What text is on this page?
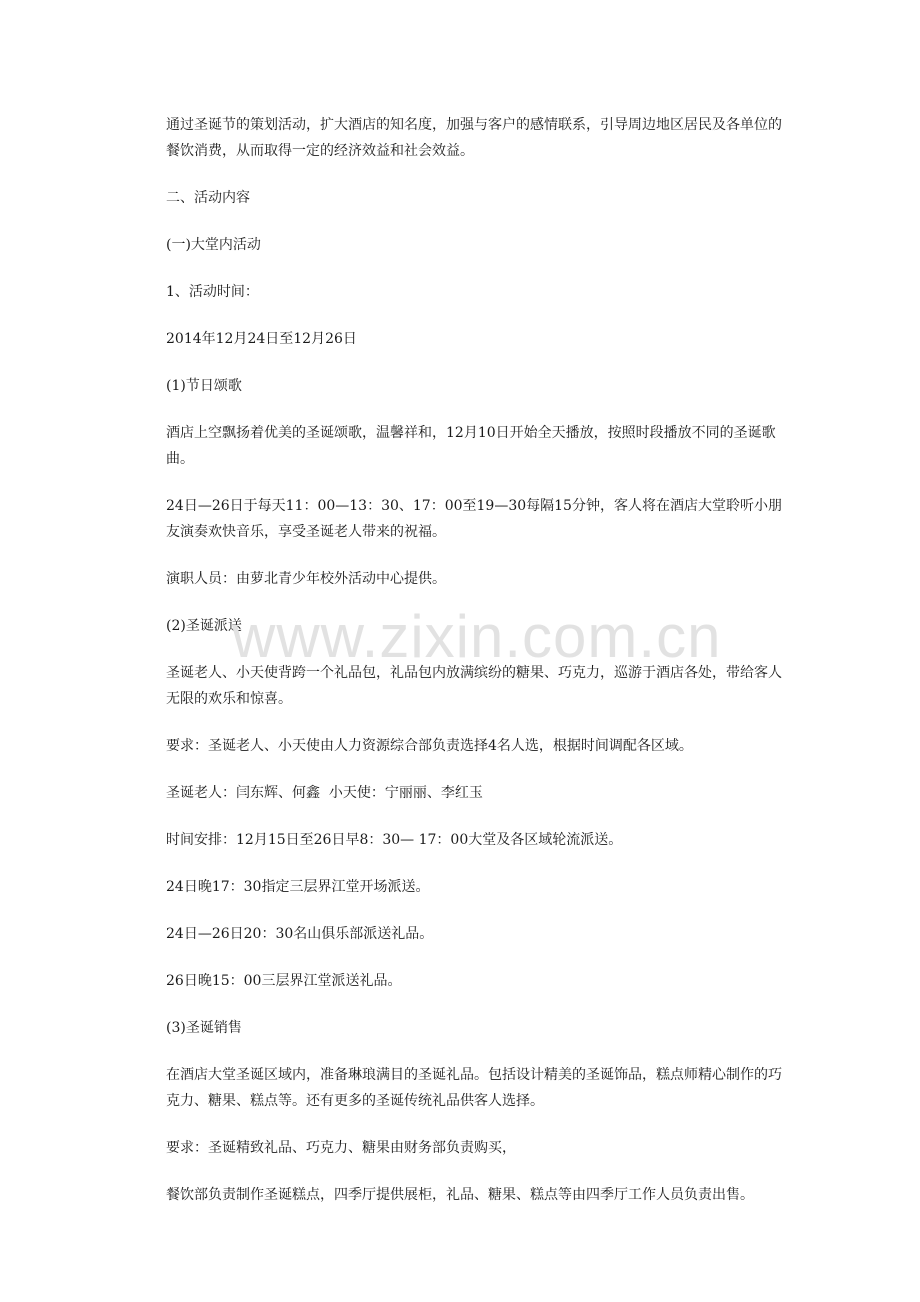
通过圣诞节的策划活动，扩大酒店的知名度，加强与客户的感情联系，引导周边地区居民及各单位的餐饮消费，从而取得一定的经济效益和社会效益。

二、活动内容

(一)大堂内活动

1、活动时间：

2014年12月24日至12月26日

(1)节日颂歌

酒店上空飘扬着优美的圣诞颂歌，温馨祥和，12月10日开始全天播放，按照时段播放不同的圣诞歌曲。

24日—26日于每天11：00—13：30、17：00至19—30每隔15分钟，客人将在酒店大堂聆听小朋友演奏欢快音乐，享受圣诞老人带来的祝福。

演职人员：由萝北青少年校外活动中心提供。

(2)圣诞派送

圣诞老人、小天使背跨一个礼品包，礼品包内放满缤纷的糖果、巧克力，巡游于酒店各处，带给客人无限的欢乐和惊喜。

要求：圣诞老人、小天使由人力资源综合部负责选择4名人选，根据时间调配各区域。

圣诞老人：闫东辉、何鑫  小天使：宁丽丽、李红玉

时间安排：12月15日至26日早8：30— 17：00大堂及各区域轮流派送。

24日晚17：30指定三层界江堂开场派送。

24日—26日20：30名山俱乐部派送礼品。

26日晚15：00三层界江堂派送礼品。

(3)圣诞销售

在酒店大堂圣诞区域内，准备琳琅满目的圣诞礼品。包括设计精美的圣诞饰品，糕点师精心制作的巧克力、糖果、糕点等。还有更多的圣诞传统礼品供客人选择。

要求：圣诞精致礼品、巧克力、糖果由财务部负责购买，

餐饮部负责制作圣诞糕点，四季厅提供展柜，礼品、糖果、糕点等由四季厅工作人员负责出售。

www.zixin.com.cn
